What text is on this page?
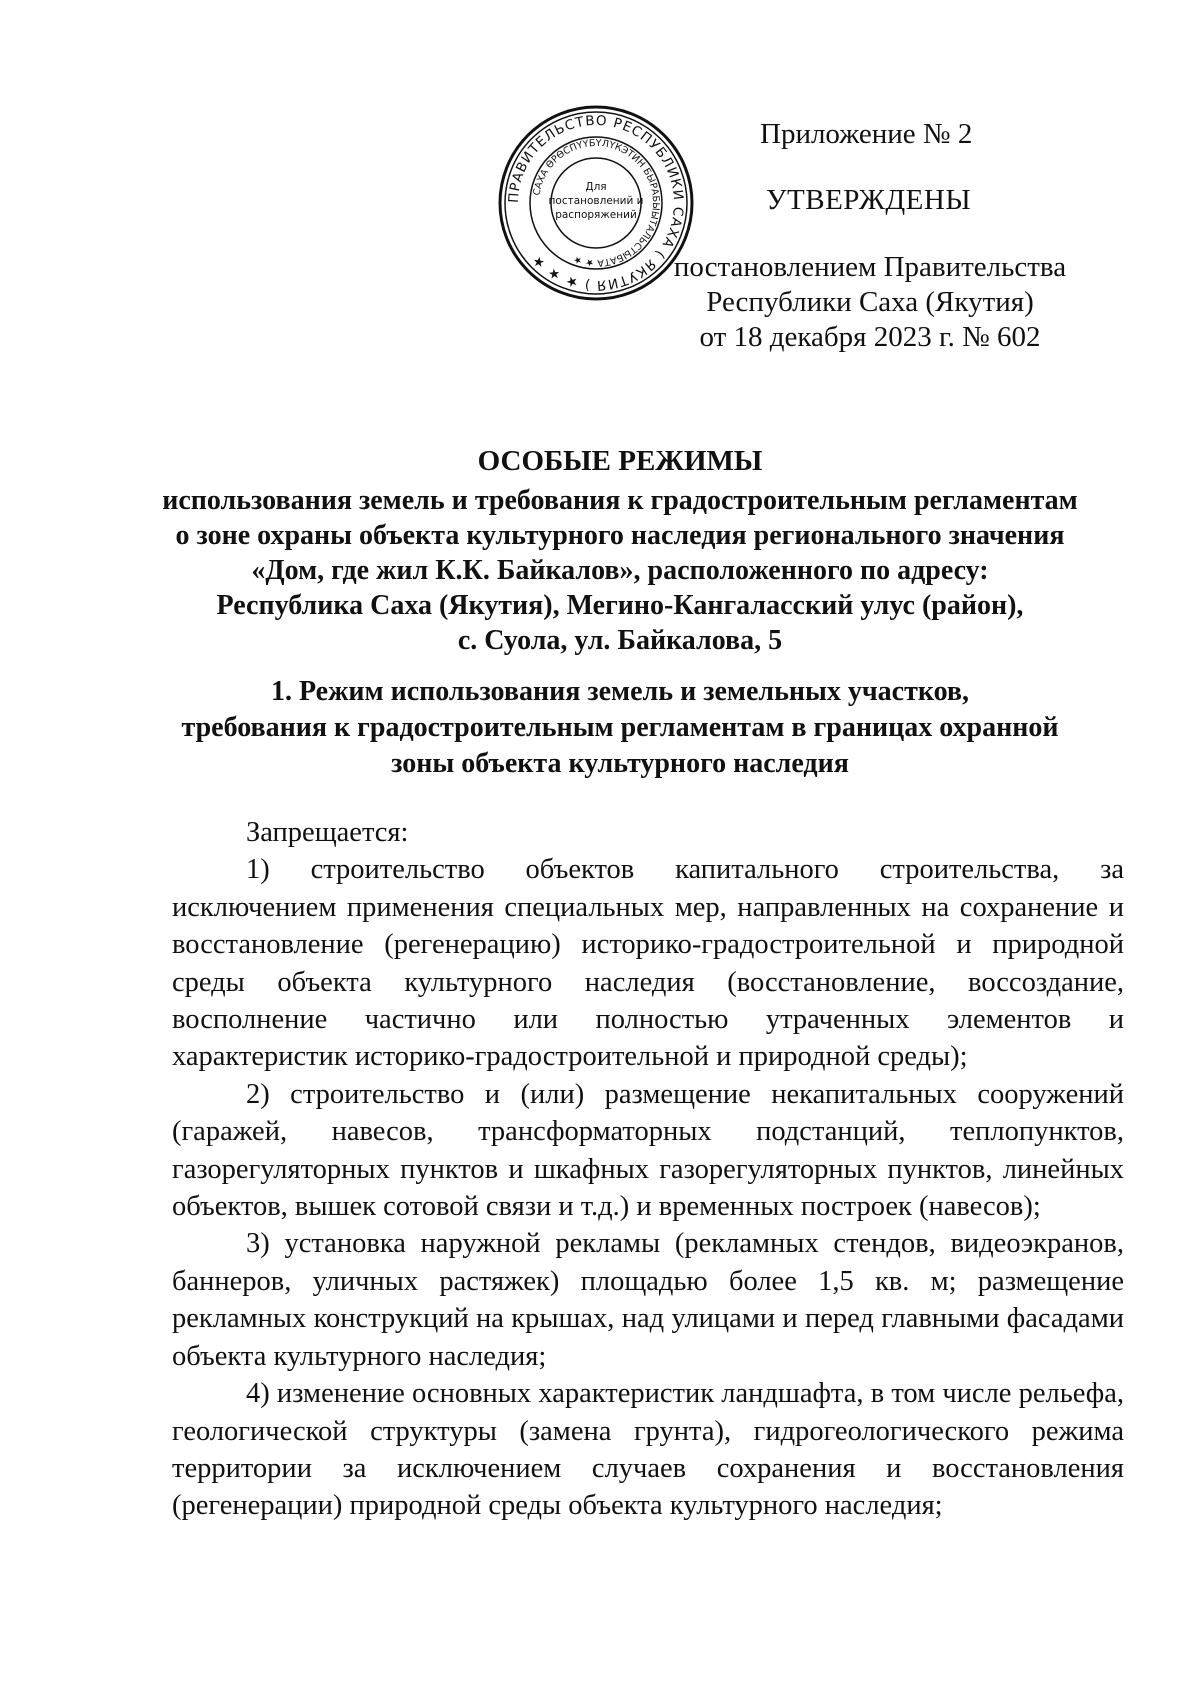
ПРАВИТЕЛЬСТВО РЕСПУБЛИКИ САХА ( ЯКУТИЯ ) ★ ★ ★
САХА ӨРӨСПҮҮБҮЛҮКЭТИН БЫРАБЫЫТАЛЬСТЫБАТА ★ ★
Для
постановлений и
распоряжений
Приложение № 2
УТВЕРЖДЕНЫ
постановлением Правительства
Республики Саха (Якутия)
от 18 декабря 2023 г. № 602
ОСОБЫЕ РЕЖИМЫ
использования земель и требования к градостроительным регламентам
о зоне охраны объекта культурного наследия регионального значения
«Дом, где жил К.К. Байкалов», расположенного по адресу:
Республика Саха (Якутия), Мегино-Кангаласский улус (район),
с. Суола, ул. Байкалова, 5
1. Режим использования земель и земельных участков,
требования к градостроительным регламентам в границах охранной
зоны объекта культурного наследия
Запрещается:

1) строительство объектов капитального строительства, за исключением применения специальных мер, направленных на сохранение и восстановление (регенерацию) историко-градостроительной и природной среды объекта культурного наследия (восстановление, воссоздание, восполнение частично или полностью утраченных элементов и характеристик историко-градостроительной и природной среды);

2) строительство и (или) размещение некапитальных сооружений (гаражей, навесов, трансформаторных подстанций, теплопунктов, газорегуляторных пунктов и шкафных газорегуляторных пунктов, линейных объектов, вышек сотовой связи и т.д.) и временных построек (навесов);

3) установка наружной рекламы (рекламных стендов, видеоэкранов, баннеров, уличных растяжек) площадью более 1,5 кв. м; размещение рекламных конструкций на крышах, над улицами и перед главными фасадами объекта культурного наследия;

4) изменение основных характеристик ландшафта, в том числе рельефа, геологической структуры (замена грунта), гидрогеологического режима территории за исключением случаев сохранения и восстановления (регенерации) природной среды объекта культурного наследия;
